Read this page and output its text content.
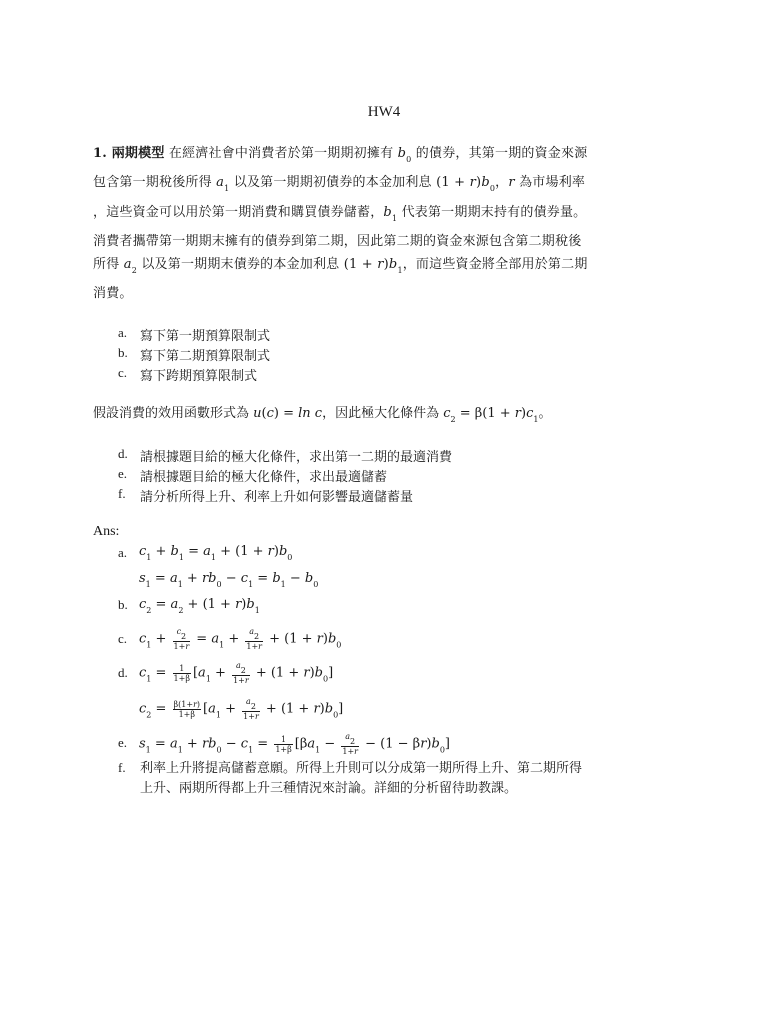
HW4
1. 兩期模型 在經濟社會中消費者於第一期期初擁有 $b_0$ 的債券，其第一期的資金來源
包含第一期稅後所得 $a_1$ 以及第一期期初債券的本金加利息 $(1 + r)b_0$，r 為市場利率
，這些資金可以用於第一期消費和購買債券儲蓄，$b_1$ 代表第一期期末持有的債券量。
消費者攜帶第一期期末擁有的債券到第二期，因此第二期的資金來源包含第二期稅後
所得 $a_2$ 以及第一期期末債券的本金加利息 $(1 + r)b_1$，而這些資金將全部用於第二期
消費。
a. 寫下第一期預算限制式
b. 寫下第二期預算限制式
c. 寫下跨期預算限制式
假設消費的效用函數形式為 u(c) = ln c，因此極大化條件為 $c_2 = \beta(1 + r)c_1$。
d. 請根據題目給的極大化條件，求出第一二期的最適消費
e. 請根據題目給的極大化條件，求出最適儲蓄
f.	請分析所得上升、利率上升如何影響最適儲蓄量
Ans:
a.
b.
c.
d.
e.
f.
$c_1 + b_1 = a_1 + (1 + r)b_0$
$s_1 = a_1 + rb_0 - c_1 = b_1 - b_0$
$c_2 = a_2 + (1 + r)b_1$
$c_1 + \frac{c_2}{1+r} = a_1 + \frac{a_2}{1+r} + (1 + r)b_0$
$c_1 = \frac{1}{1+\beta} [a_1 + \frac{a_2}{1+r} + (1 + r)b_0]$
$c_2 = \frac{\beta(1+r)}{1+\beta} [a_1 + \frac{a_2}{1+r} + (1 + r)b_0]$
$s_1 = a_1 + rb_0 - c_1 = \frac{1}{1+\beta} [\beta a_1 - \frac{a_2}{1+r} - (1 - \beta r)b_0]$
利率上升將提高儲蓄意願。所得上升則可以分成第一期所得上升、第二期所得
上升、兩期所得都上升三種情況來討論。詳細的分析留待助教課。
